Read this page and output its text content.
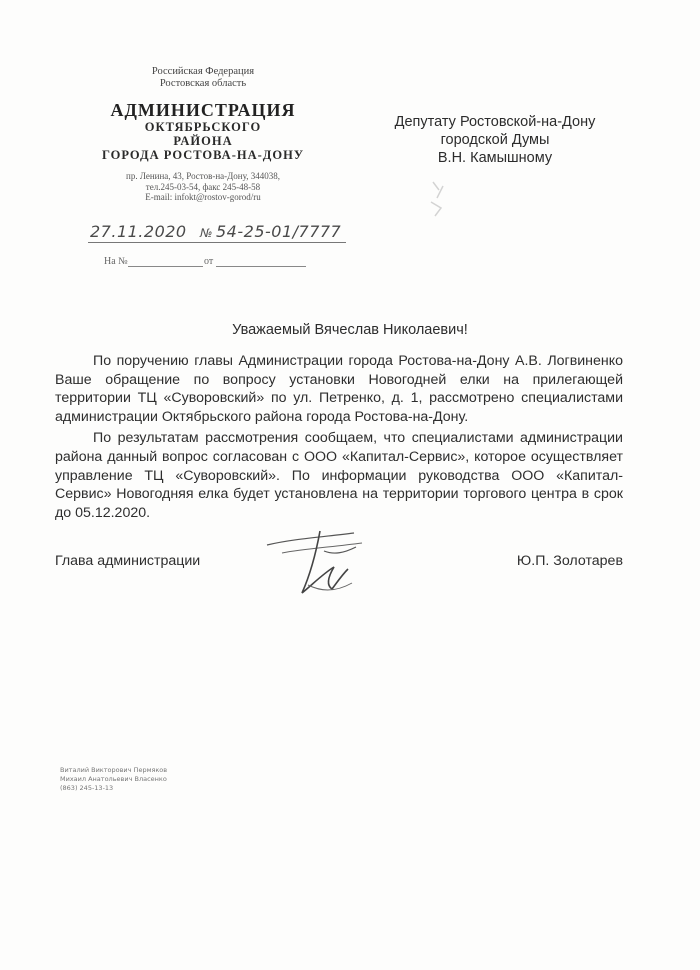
Российская Федерация
Ростовская область
АДМИНИСТРАЦИЯ
ОКТЯБРЬСКОГО
РАЙОНА
ГОРОДА РОСТОВА-НА-ДОНУ
пр. Ленина, 43, Ростов-на-Дону, 344038,
тел.245-03-54, факс 245-48-58
E-mail: infokt@rostov-gorod/ru
27.11.2020 № 54-25-01/7777
На №	от
Депутату Ростовской-на-Дону
городской Думы
В.Н. Камышному
Уважаемый Вячеслав Николаевич!

По поручению главы Администрации города Ростова-на-Дону А.В. Логвиненко Ваше обращение по вопросу установки Новогодней елки на прилегающей территории ТЦ «Суворовский» по ул. Петренко, д. 1, рассмотрено специалистами администрации Октябрьского района города Ростова-на-Дону.

По результатам рассмотрения сообщаем, что специалистами администрации района данный вопрос согласован с ООО «Капитал-Сервис», которое осуществляет управление ТЦ «Суворовский». По информации руководства ООО «Капитал-Сервис» Новогодняя елка будет установлена на территории торгового центра в срок до 05.12.2020.

Глава администрации	Ю.П. Золотарев
Виталий Викторович Пермяков
Михаил Анатольевич Власенко
(863) 245-13-13
